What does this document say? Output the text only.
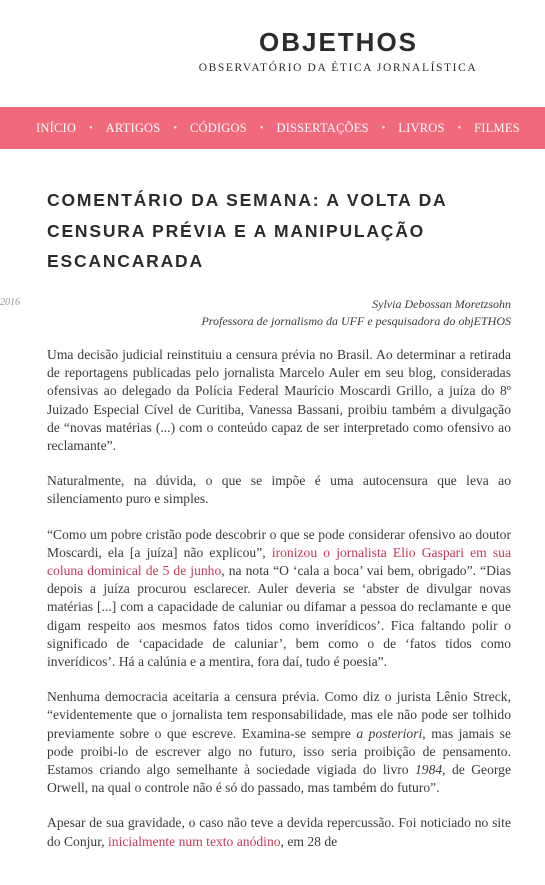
OBJETHOS
OBSERVATÓRIO DA ÉTICA JORNALÍSTICA
INÍCIO • ARTIGOS • CÓDIGOS • DISSERTAÇÕES • LIVROS • FILMES
COMENTÁRIO DA SEMANA: A VOLTA DA CENSURA PRÉVIA E A MANIPULAÇÃO ESCANCARADA
2016	Sylvia Debossan Moretzsohn
Professora de jornalismo da UFF e pesquisadora do objETHOS

Uma decisão judicial reinstituiu a censura prévia no Brasil. Ao determinar a retirada de reportagens publicadas pelo jornalista Marcelo Auler em seu blog, consideradas ofensivas ao delegado da Polícia Federal Maurício Moscardi Grillo, a juíza do 8º Juizado Especial Cível de Curitiba, Vanessa Bassani, proibiu também a divulgação de “novas matérias (...) com o conteúdo capaz de ser interpretado como ofensivo ao reclamante”.

Naturalmente, na dúvida, o que se impõe é uma autocensura que leva ao silenciamento puro e simples.

“Como um pobre cristão pode descobrir o que se pode considerar ofensivo ao doutor Moscardi, ela [a juíza] não explicou”, ironizou o jornalista Elio Gaspari em sua coluna dominical de 5 de junho, na nota “O ‘cala a boca’ vai bem, obrigado”. “Dias depois a juíza procurou esclarecer. Auler deveria se ‘abster de divulgar novas matérias [...] com a capacidade de caluniar ou difamar a pessoa do reclamante e que digam respeito aos mesmos fatos tidos como inverídicos’. Fica faltando polir o significado de ‘capacidade de caluniar’, bem como o de ‘fatos tidos como inverídicos’. Há a calúnia e a mentira, fora daí, tudo é poesia”.

Nenhuma democracia aceitaria a censura prévia. Como diz o jurista Lênio Streck, “evidentemente que o jornalista tem responsabilidade, mas ele não pode ser tolhido previamente sobre o que escreve. Examina-se sempre a posteriori, mas jamais se pode proibi-lo de escrever algo no futuro, isso seria proibição de pensamento. Estamos criando algo semelhante à sociedade vigiada do livro 1984, de George Orwell, na qual o controle não é só do passado, mas também do futuro”.

Apesar de sua gravidade, o caso não teve a devida repercussão. Foi noticiado no site do Conjur, inicialmente num texto anódino, em 28 de
